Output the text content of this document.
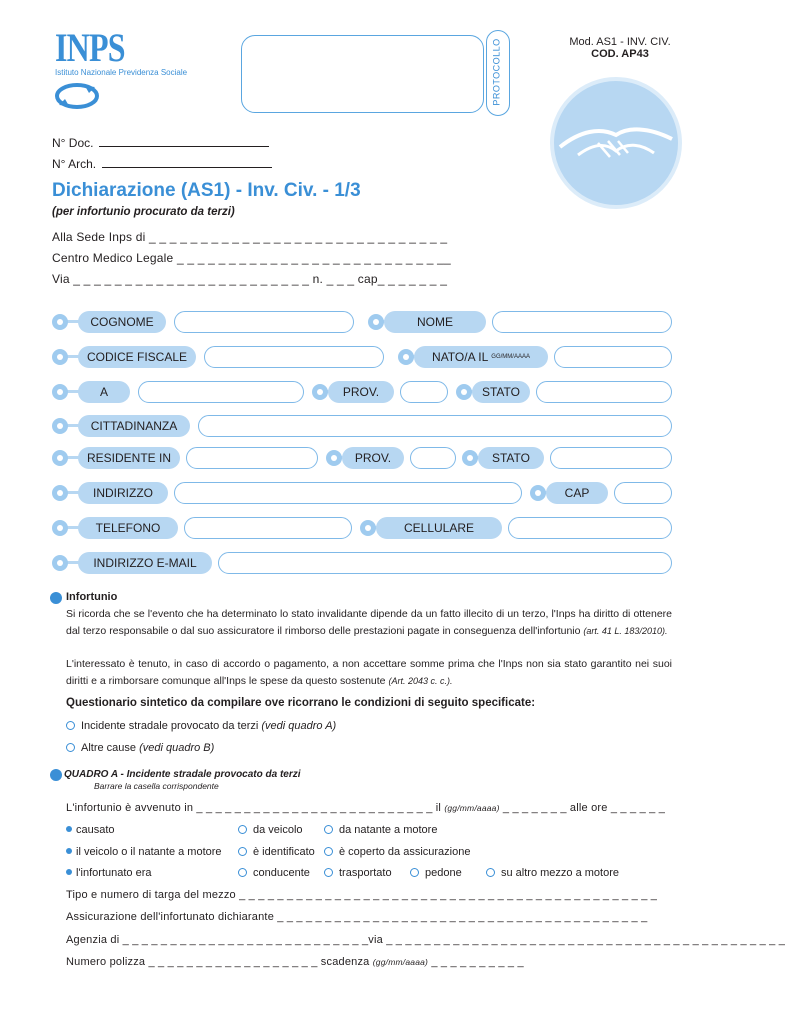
INPS
Istituto Nazionale Previdenza Sociale	PROTOCOLLO	Mod. AS1 - INV. CIV.
COD. AP43
N° Doc.
N° Arch.
Dichiarazione (AS1) - Inv. Civ. - 1/3
(per infortunio procurato da terzi)
Alla Sede Inps di _ _ _ _ _ _ _ _ _ _ _ _ _ _ _ _ _ _ _ _ _ _ _ _ _ _ _ _ _
Centro Medico Legale _ _ _ _ _ _ _ _ _ _ _ _ _ _ _ _ _ _ _ _ _ _ _ _ _ __
Via _ _ _ _ _ _ _ _ _ _ _ _ _ _ _ _ _ _ _ _ _ _ _ n. _ _ _ cap_ _ _ _ _ _ _
COGNOME	NOME
CODICE FISCALE	NATO/A IL GG/MM/AAAA
A	PROV.	STATO
CITTADINANZA
RESIDENTE IN	PROV.	STATO
INDIRIZZO	CAP
TELEFONO	CELLULARE
INDIRIZZO E-MAIL
Infortunio
Si ricorda che se l'evento che ha determinato lo stato invalidante dipende da un fatto illecito di un terzo, l'Inps ha diritto di ottenere dal terzo responsabile o dal suo assicuratore il rimborso delle prestazioni pagate in conseguenza dell'infortunio (art. 41 L. 183/2010).
L'interessato è tenuto, in caso di accordo o pagamento, a non accettare somme prima che l'Inps non sia stato garantito nei suoi diritti e a rimborsare comunque all'Inps le spese da questo sostenute (Art. 2043 c. c.).
Questionario sintetico da compilare ove ricorrano le condizioni di seguito specificate:
Incidente stradale provocato da terzi (vedi quadro A)
Altre cause (vedi quadro B)
QUADRO A - Incidente stradale provocato da terzi
Barrare la casella corrispondente
L'infortunio è avvenuto in _ _ _ _ _ _ _ _ _ _ _ _ _ _ _ _ _ _ _ _ _ _ _ _ _ il (gg/mm/aaaa) _ _ _ _ _ _ _ alle ore _ _ _ _ _ _
causato	da veicolo	da natante a motore
il veicolo o il natante a motore	è identificato	è coperto da assicurazione
l'infortunato era	conducente	trasportato	pedone	su altro mezzo a motore
Tipo e numero di targa del mezzo _ _ _ _ _ _ _ _ _ _ _ _ _ _ _ _ _ _ _ _ _ _ _ _ _ _ _ _ _ _ _ _ _ _ _ _ _ _ _ _ _ _ _ _
Assicurazione dell'infortunato dichiarante _ _ _ _ _ _ _ _ _ _ _ _ _ _ _ _ _ _ _ _ _ _ _ _ _ _ _ _ _ _ _ _ _ _ _ _ _ _ _
Agenzia di _ _ _ _ _ _ _ _ _ _ _ _ _ _ _ _ _ _ _ _ _ _ _ _ _ _via _ _ _ _ _ _ _ _ _ _ _ _ _ _ _ _ _ _ _ _ _ _ _ _ _ _ _ _ _ _ _ _ _ _ _ _ _ _ _ _ _ _
Numero polizza _ _ _ _ _ _ _ _ _ _ _ _ _ _ _ _ _ _ scadenza (gg/mm/aaaa) _ _ _ _ _ _ _ _ _ _
